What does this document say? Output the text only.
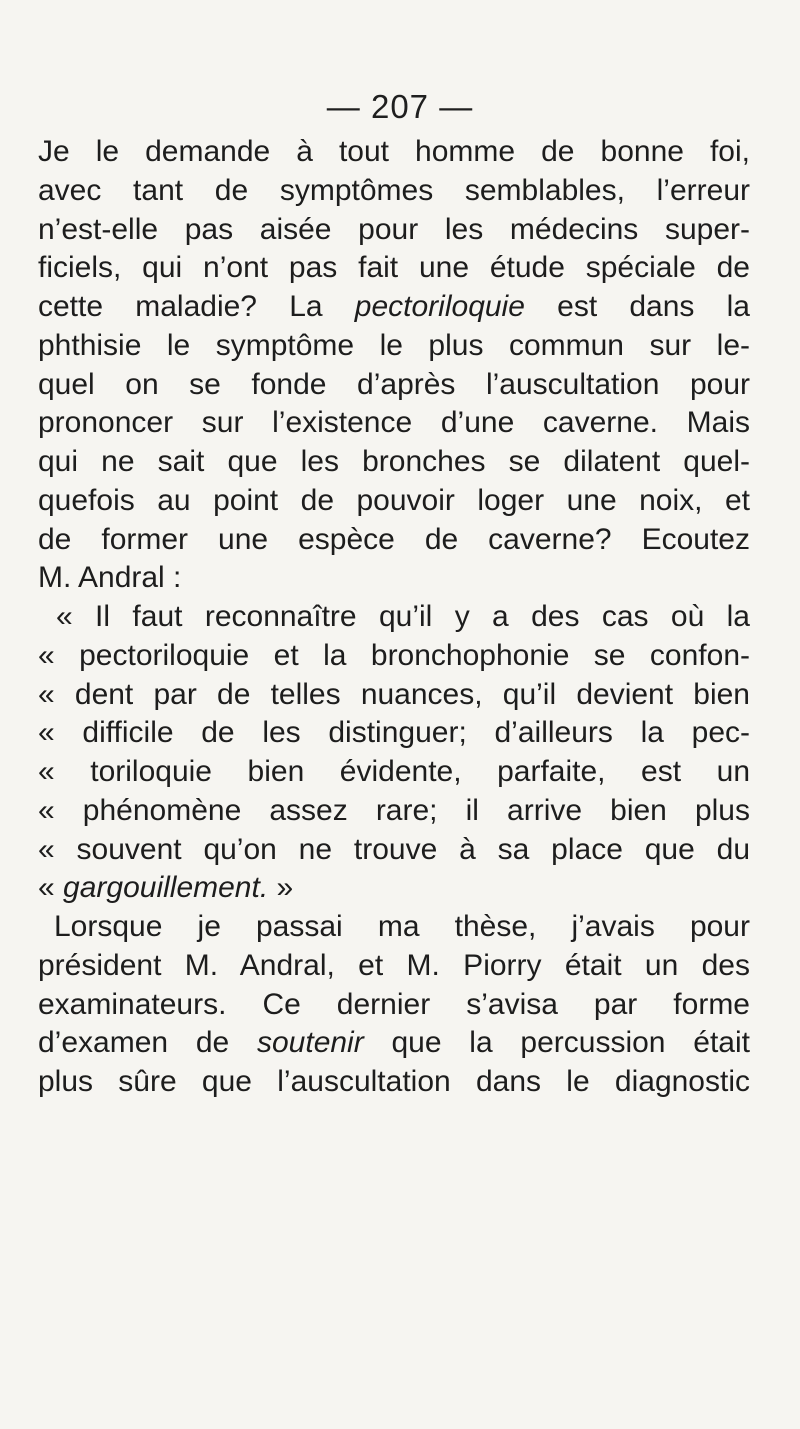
— 207 —
Je le demande à tout homme de bonne foi,
avec tant de symptômes semblables, l’erreur
n’est-elle pas aisée pour les médecins super-
ficiels, qui n’ont pas fait une étude spéciale de
cette maladie? La pectoriloquie est dans la
phthisie le symptôme le plus commun sur le-
quel on se fonde d’après l’auscultation pour
prononcer sur l’existence d’une caverne. Mais
qui ne sait que les bronches se dilatent quel-
quefois au point de pouvoir loger une noix, et
de former une espèce de caverne? Ecoutez
M. Andral :
« Il faut reconnaître qu’il y a des cas où la
« pectoriloquie et la bronchophonie se confon-
« dent par de telles nuances, qu’il devient bien
« difficile de les distinguer; d’ailleurs la pec-
« toriloquie bien évidente, parfaite, est un
« phénomène assez rare; il arrive bien plus
« souvent qu’on ne trouve à sa place que du
« gargouillement. »
Lorsque je passai ma thèse, j’avais pour
président M. Andral, et M. Piorry était un des
examinateurs. Ce dernier s’avisa par forme
d’examen de soutenir que la percussion était
plus sûre que l’auscultation dans le diagnostic
